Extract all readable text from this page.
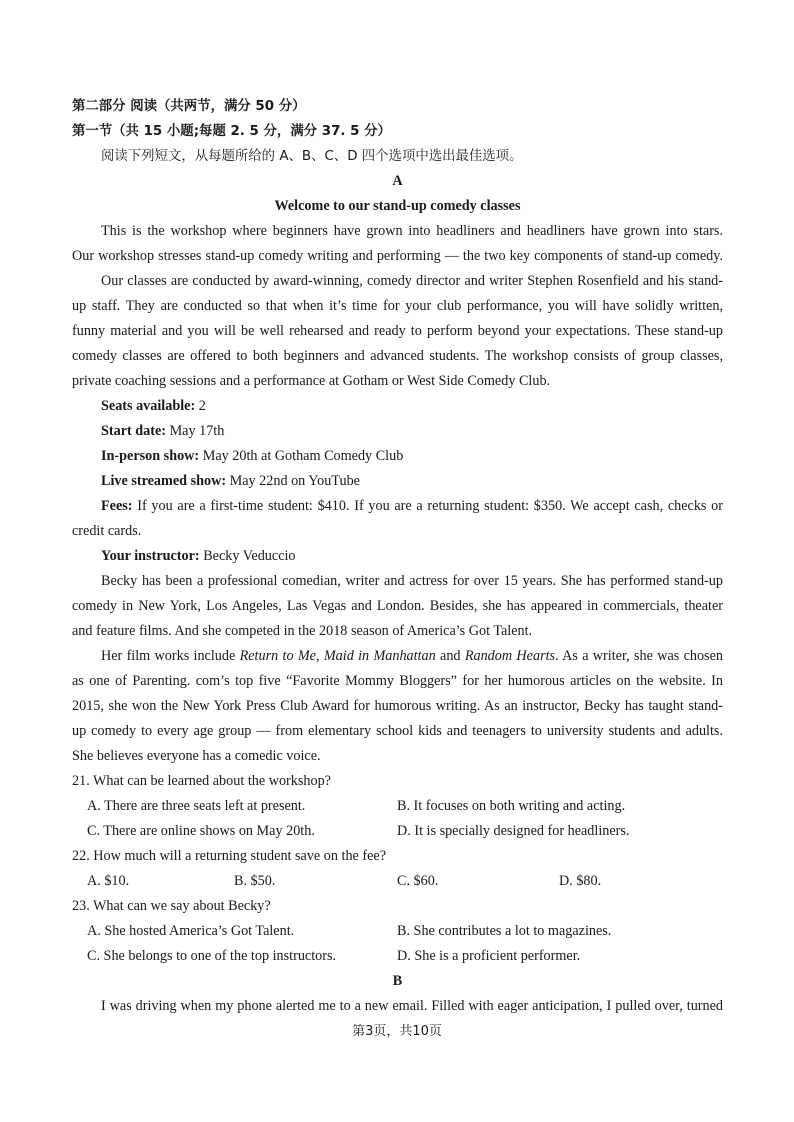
第二部分 阅读（共两节，满分 50 分）
第一节（共 15 小题;每题 2. 5 分，满分 37. 5 分）
阅读下列短文，从每题所给的 A、B、C、D 四个选项中选出最佳选项。
A
Welcome to our stand-up comedy classes
This is the workshop where beginners have grown into headliners and headliners have grown into stars.
Our workshop stresses stand-up comedy writing and performing — the two key components of stand-up comedy.
Our classes are conducted by award-winning, comedy director and writer Stephen Rosenfield and his stand-
up staff. They are conducted so that when it’s time for your club performance, you will have solidly written,
funny material and you will be well rehearsed and ready to perform beyond your expectations. These stand-up
comedy classes are offered to both beginners and advanced students. The workshop consists of group classes,
private coaching sessions and a performance at Gotham or West Side Comedy Club.
Seats available: 2
Start date: May 17th
In-person show: May 20th at Gotham Comedy Club
Live streamed show: May 22nd on YouTube
Fees: If you are a first-time student: $410. If you are a returning student: $350. We accept cash, checks or
credit cards.
Your instructor: Becky Veduccio
Becky has been a professional comedian, writer and actress for over 15 years. She has performed stand-up
comedy in New York, Los Angeles, Las Vegas and London. Besides, she has appeared in commercials, theater
and feature films. And she competed in the 2018 season of America’s Got Talent.
Her film works include Return to Me, Maid in Manhattan and Random Hearts. As a writer, she was chosen
as one of Parenting. com’s top five “Favorite Mommy Bloggers” for her humorous articles on the website. In
2015, she won the New York Press Club Award for humorous writing. As an instructor, Becky has taught stand-
up comedy to every age group — from elementary school kids and teenagers to university students and adults.
She believes everyone has a comedic voice.
21. What can be learned about the workshop?
A. There are three seats left at present.	B. It focuses on both writing and acting.
C. There are online shows on May 20th.	D. It is specially designed for headliners.
22. How much will a returning student save on the fee?
A. $10.	B. $50.	C. $60.	D. $80.
23. What can we say about Becky?
A. She hosted America’s Got Talent.	B. She contributes a lot to magazines.
C. She belongs to one of the top instructors.	D. She is a proficient performer.
B
I was driving when my phone alerted me to a new email. Filled with eager anticipation, I pulled over, turned
第3页，共10页
